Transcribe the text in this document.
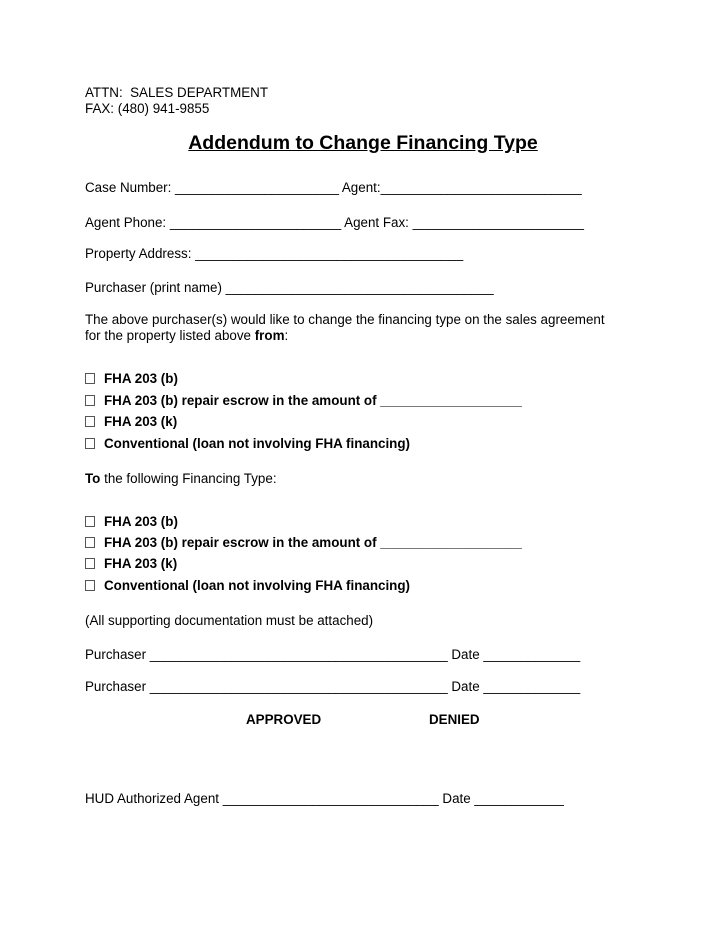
ATTN:  SALES DEPARTMENT
FAX: (480) 941-9855
Addendum to Change Financing Type
Case Number: ______________________ Agent:___________________________
Agent Phone: _______________________ Agent Fax: _______________________
Property Address: ____________________________________
Purchaser (print name) ____________________________________
The above purchaser(s) would like to change the financing type on the sales agreement
for the property listed above from:
FHA 203 (b)
FHA 203 (b) repair escrow in the amount of ___________________
FHA 203 (k)
Conventional (loan not involving FHA financing)
To the following Financing Type:
FHA 203 (b)
FHA 203 (b) repair escrow in the amount of ___________________
FHA 203 (k)
Conventional (loan not involving FHA financing)
(All supporting documentation must be attached)
Purchaser ________________________________________ Date _____________
Purchaser ________________________________________ Date _____________
APPROVED	DENIED
HUD Authorized Agent _____________________________ Date ____________
